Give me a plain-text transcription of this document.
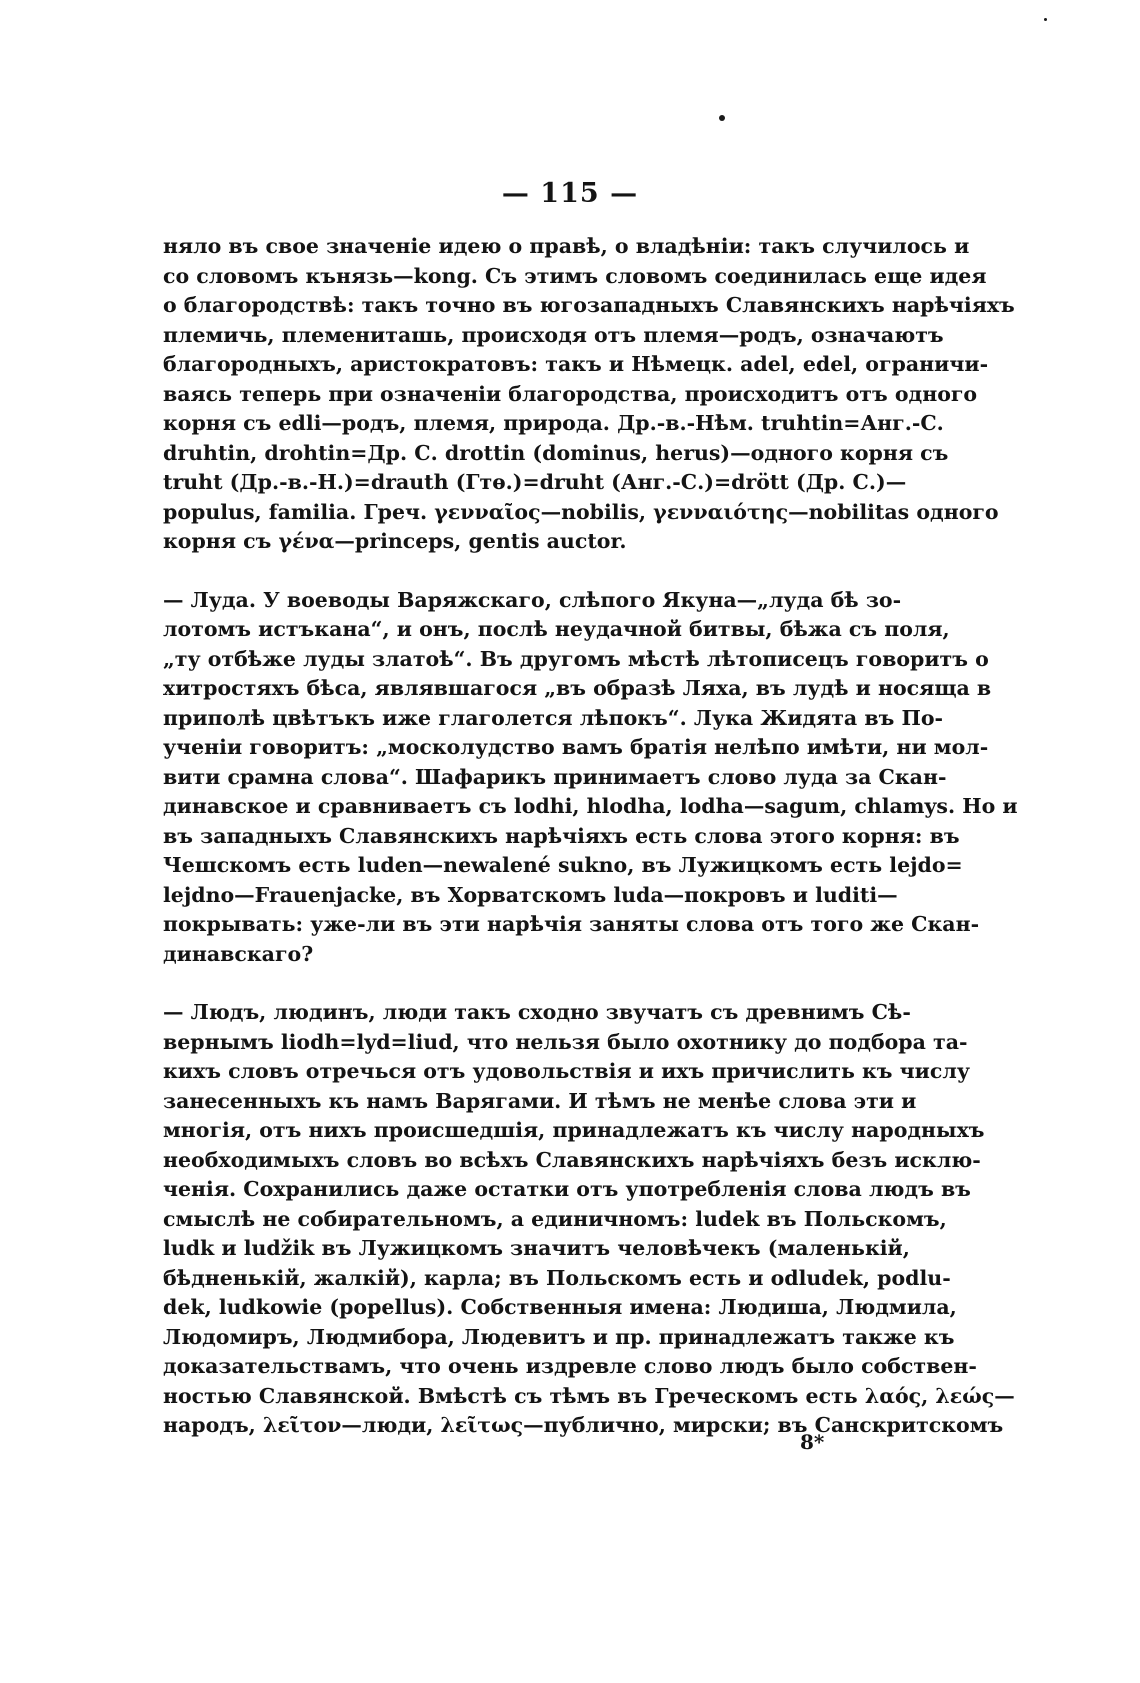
— 115 —
няло въ свое значеніе идею о правѣ, о владѣніи: такъ случилось и
со словомъ кънязь—kong. Съ этимъ словомъ соединилась еще идея
о благородствѣ: такъ точно въ югозападныхъ Славянскихъ нарѣчіяхъ
племичь, племениташь, происходя отъ племя—родъ, означаютъ
благородныхъ, аристократовъ: такъ и Нѣмецк. adel, edel, ограничи-
ваясь теперь при означеніи благородства, происходитъ отъ одного
корня съ edli—родъ, племя, природа. Др.-в.-Нѣм. truhtin=Анг.-С.
druhtin, drohtin=Др. С. drottin (dominus, herus)—одного корня съ
truht (Др.-в.-Н.)=drauth (Гтѳ.)=druht (Анг.-С.)=drött (Др. С.)—
populus, familia. Греч. γενναῖος—nobilis, γενναιότης—nobilitas одного
корня съ γένα—princeps, gentis auctor.
— Луда. У воеводы Варяжскаго, слѣпого Якуна—„луда бѣ зо-
лотомъ истъкана“, и онъ, послѣ неудачной битвы, бѣжа съ поля,
„ту отбѣже луды златоѣ“. Въ другомъ мѣстѣ лѣтописецъ говоритъ о
хитростяхъ бѣса, являвшагося „въ образѣ Ляха, въ лудѣ и носяща в
приполѣ цвѣтъкъ иже глаголется лѣпокъ“. Лука Жидята въ По-
ученіи говоритъ: „москолудство вамъ братія нелѣпо имѣти, ни мол-
вити срамна слова“. Шафарикъ принимаетъ слово луда за Скан-
динавское и сравниваетъ съ lodhi, hlodha, lodha—sagum, chlamys. Но и
въ западныхъ Славянскихъ нарѣчіяхъ есть слова этого корня: въ
Чешскомъ есть luden—newalené sukno, въ Лужицкомъ есть lejdo=
lejdno—Frauenjacke, въ Хорватскомъ luda—покровъ и luditi—
покрывать: уже-ли въ эти нарѣчія заняты слова отъ того же Скан-
динавскаго?
— Людъ, людинъ, люди такъ сходно звучатъ съ древнимъ Сѣ-
вернымъ liodh=lyd=liud, что нельзя было охотнику до подбора та-
кихъ словъ отречься отъ удовольствія и ихъ причислить къ числу
занесенныхъ къ намъ Варягами. И тѣмъ не менѣе слова эти и
многія, отъ нихъ происшедшія, принадлежатъ къ числу народныхъ
необходимыхъ словъ во всѣхъ Славянскихъ нарѣчіяхъ безъ исклю-
ченія. Сохранились даже остатки отъ употребленія слова людъ въ
смыслѣ не собирательномъ, а единичномъ: ludek въ Польскомъ,
ludk и ludžik въ Лужицкомъ значитъ человѣчекъ (маленькій,
бѣдненькій, жалкій), карла; въ Польскомъ есть и odludek, podlu-
dek, ludkowie (popellus). Собственныя имена: Людиша, Людмила,
Людомиръ, Людмибора, Людевитъ и пр. принадлежатъ также къ
доказательствамъ, что очень издревле слово людъ было собствен-
ностью Славянской. Вмѣстѣ съ тѣмъ въ Греческомъ есть λαός, λεώς—
народъ, λεῖτον—люди, λεῖτως—публично, мирски; въ Санскритскомъ
8*
